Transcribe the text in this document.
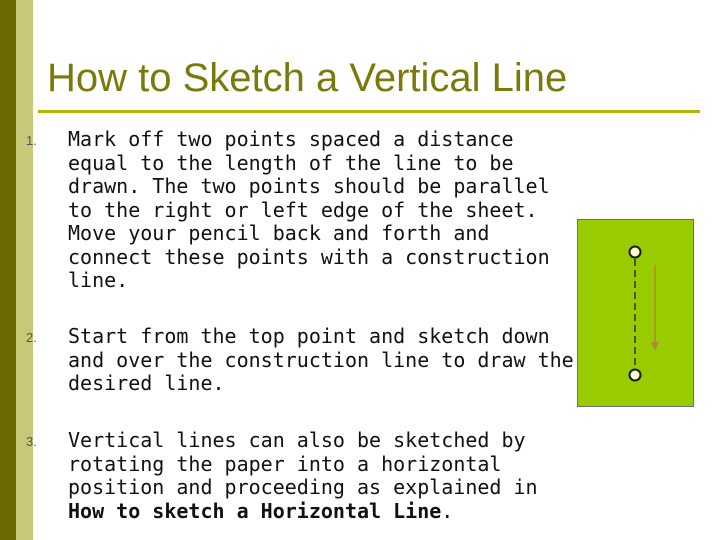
How to Sketch a Vertical Line
1. Mark off two points spaced a distance equal to the length of the line to be drawn. The two points should be parallel to the right or left edge of the sheet. Move your pencil back and forth and connect these points with a construction line.
2. Start from the top point and sketch down and over the construction line to draw the desired line.
3. Vertical lines can also be sketched by rotating the paper into a horizontal position and proceeding as explained in How to sketch a Horizontal Line.
